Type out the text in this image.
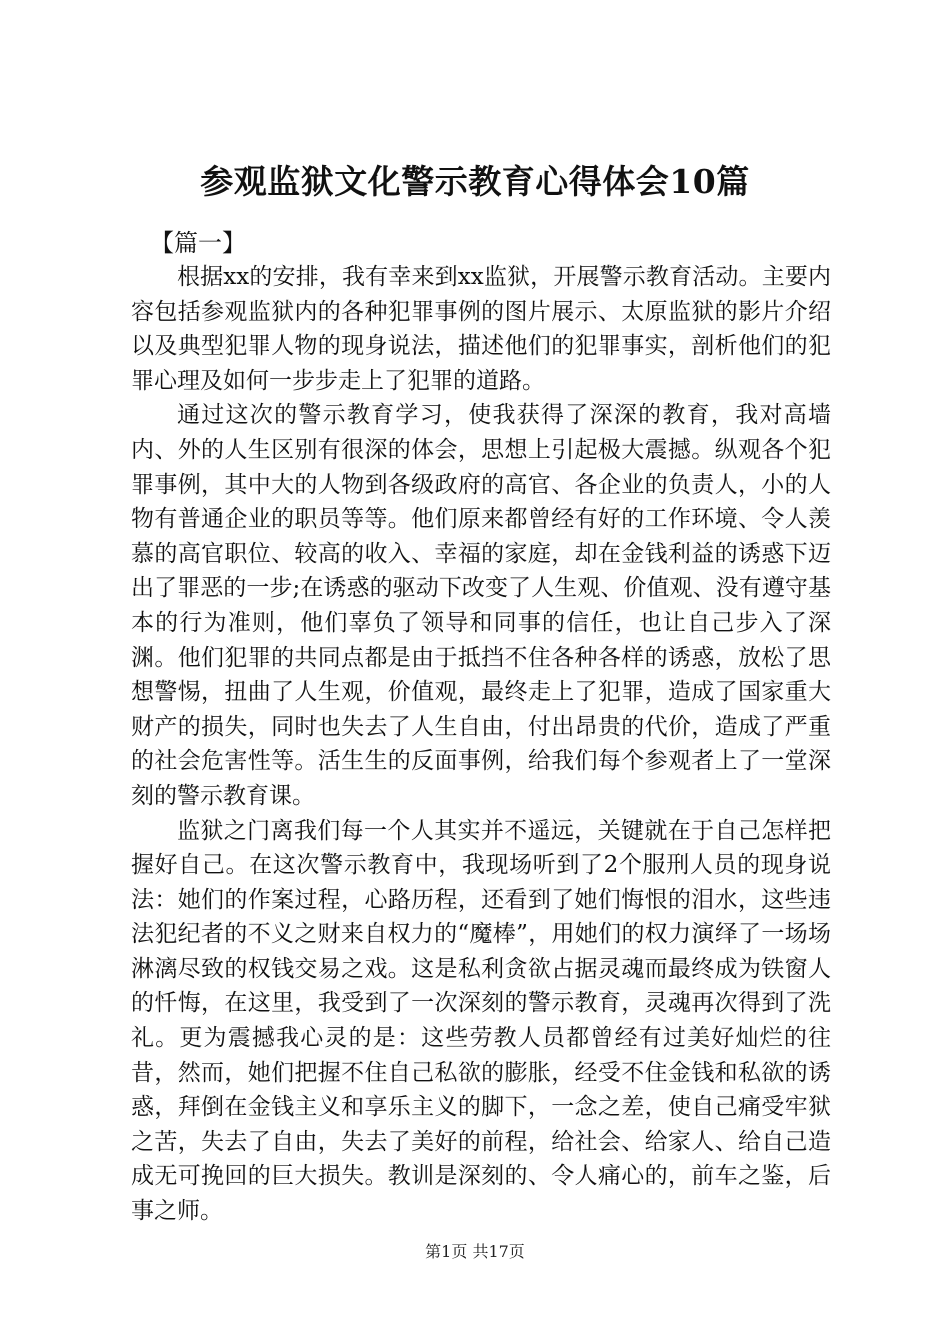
参观监狱文化警示教育心得体会10篇
【篇一】

根据xx的安排，我有幸来到xx监狱，开展警示教育活动。主要内容包括参观监狱内的各种犯罪事例的图片展示、太原监狱的影片介绍以及典型犯罪人物的现身说法，描述他们的犯罪事实，剖析他们的犯罪心理及如何一步步走上了犯罪的道路。

通过这次的警示教育学习，使我获得了深深的教育，我对高墙内、外的人生区别有很深的体会，思想上引起极大震撼。纵观各个犯罪事例，其中大的人物到各级政府的高官、各企业的负责人，小的人物有普通企业的职员等等。他们原来都曾经有好的工作环境、令人羡慕的高官职位、较高的收入、幸福的家庭，却在金钱利益的诱惑下迈出了罪恶的一步;在诱惑的驱动下改变了人生观、价值观、没有遵守基本的行为准则，他们辜负了领导和同事的信任，也让自己步入了深渊。他们犯罪的共同点都是由于抵挡不住各种各样的诱惑，放松了思想警惕，扭曲了人生观，价值观，最终走上了犯罪，造成了国家重大财产的损失，同时也失去了人生自由，付出昂贵的代价，造成了严重的社会危害性等。活生生的反面事例，给我们每个参观者上了一堂深刻的警示教育课。

监狱之门离我们每一个人其实并不遥远，关键就在于自己怎样把握好自己。在这次警示教育中，我现场听到了2个服刑人员的现身说法：她们的作案过程，心路历程，还看到了她们悔恨的泪水，这些违法犯纪者的不义之财来自权力的“魔棒”，用她们的权力演绎了一场场淋漓尽致的权钱交易之戏。这是私利贪欲占据灵魂而最终成为铁窗人的忏悔，在这里，我受到了一次深刻的警示教育，灵魂再次得到了洗礼。更为震撼我心灵的是：这些劳教人员都曾经有过美好灿烂的往昔，然而，她们把握不住自己私欲的膨胀，经受不住金钱和私欲的诱惑，拜倒在金钱主义和享乐主义的脚下，一念之差，使自己痛受牢狱之苦，失去了自由，失去了美好的前程，给社会、给家人、给自己造成无可挽回的巨大损失。教训是深刻的、令人痛心的，前车之鉴，后事之师。

第1页 共17页
